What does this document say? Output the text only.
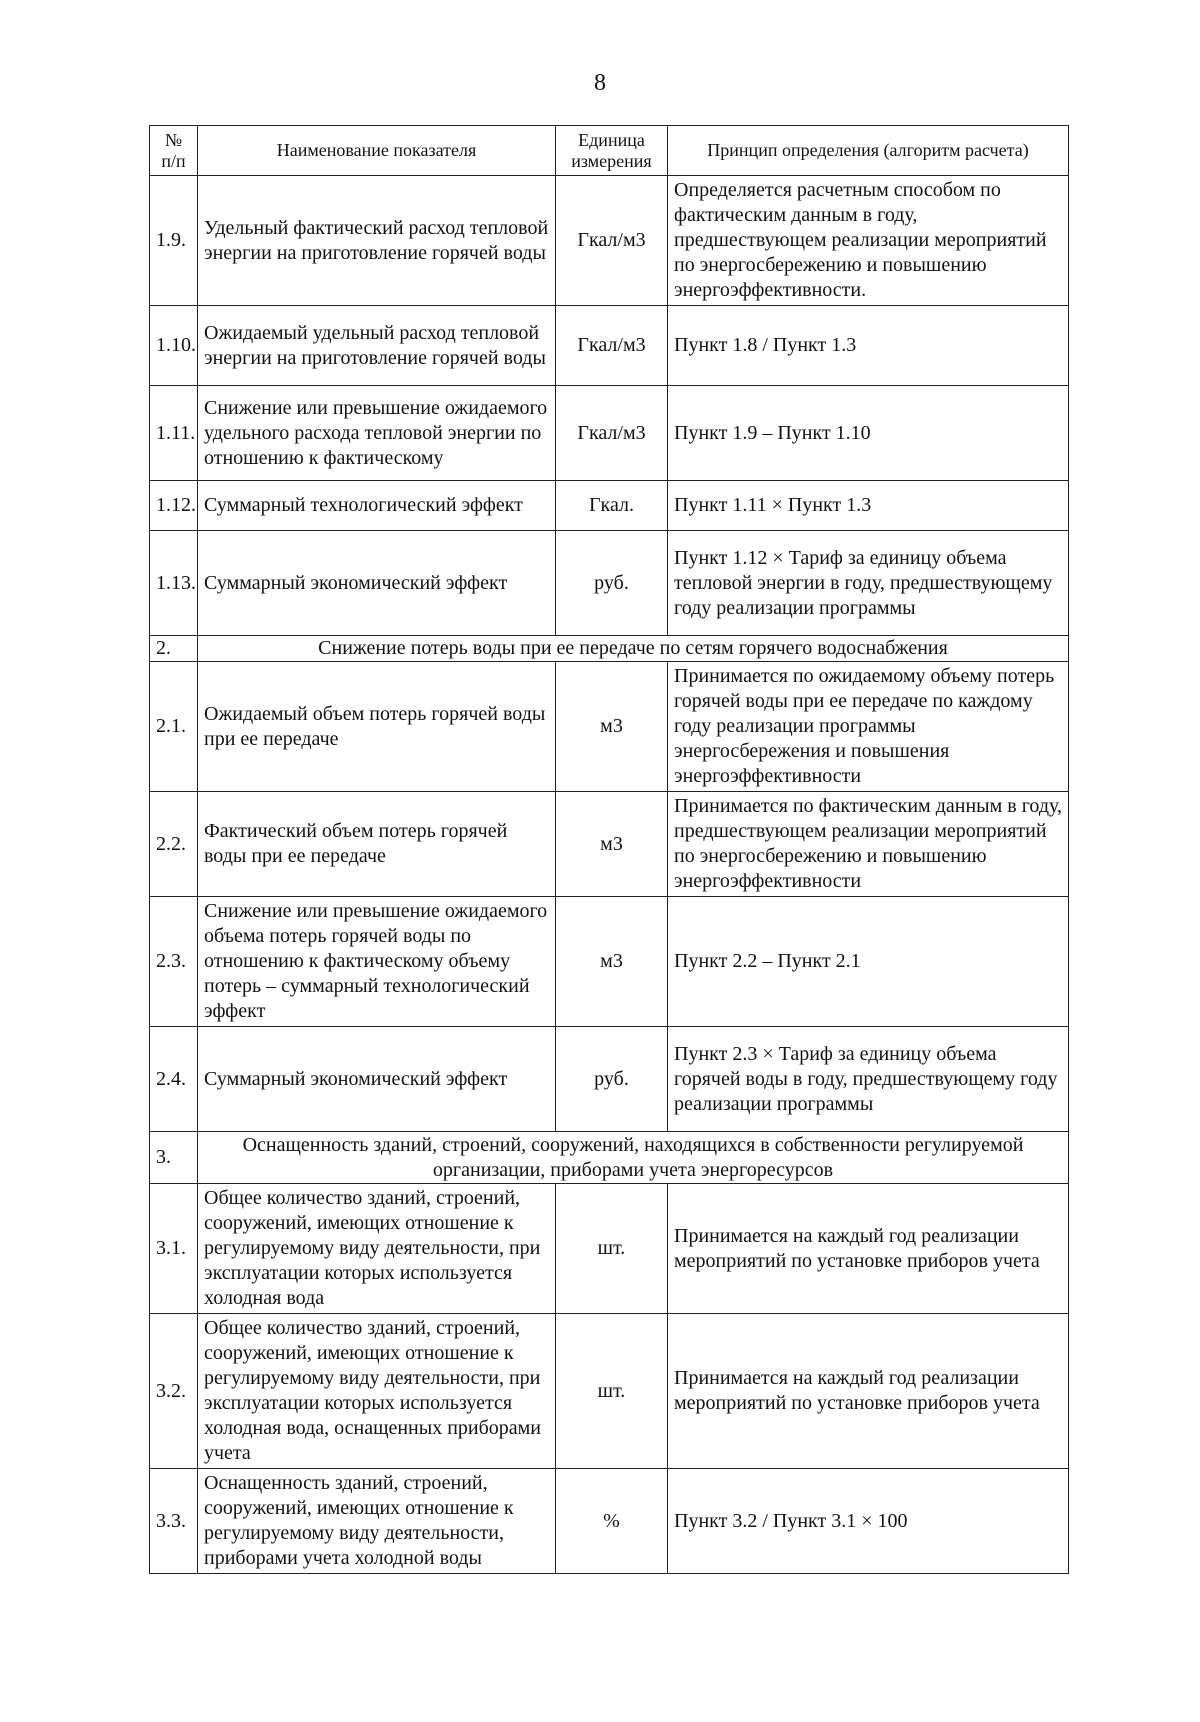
8
№ п/п	Наименование показателя	Единица измерения	Принцип определения (алгоритм расчета)
1.9.	Удельный фактический расход тепловой энергии на приготовление горячей воды	Гкал/м3	Определяется расчетным способом по фактическим данным в году, предшествующем реализации мероприятий по энергосбережению и повышению энергоэффективности.
1.10.	Ожидаемый удельный расход тепловой энергии на приготовление горячей воды	Гкал/м3	Пункт 1.8 / Пункт 1.3
1.11.	Снижение или превышение ожидаемого удельного расхода тепловой энергии по отношению к фактическому	Гкал/м3	Пункт 1.9 – Пункт 1.10
1.12.	Суммарный технологический эффект	Гкал.	Пункт 1.11 × Пункт 1.3
1.13.	Суммарный экономический эффект	руб.	Пункт 1.12 × Тариф за единицу объема тепловой энергии в году, предшествующему году реализации программы
2.	Снижение потерь воды при ее передаче по сетям горячего водоснабжения		
2.1.	Ожидаемый объем потерь горячей воды при ее передаче	м3	Принимается по ожидаемому объему потерь горячей воды при ее передаче по каждому году реализации программы энергосбережения и повышения энергоэффективности
2.2.	Фактический объем потерь горячей воды при ее передаче	м3	Принимается по фактическим данным в году, предшествующем реализации мероприятий по энергосбережению и повышению энергоэффективности
2.3.	Снижение или превышение ожидаемого объема потерь горячей воды по отношению к фактическому объему потерь – суммарный технологический эффект	м3	Пункт 2.2 – Пункт 2.1
2.4.	Суммарный экономический эффект	руб.	Пункт 2.3 × Тариф за единицу объема горячей воды в году, предшествующему году реализации программы
3.	Оснащенность зданий, строений, сооружений, находящихся в собственности регулируемой организации, приборами учета энергоресурсов		
3.1.	Общее количество зданий, строений, сооружений, имеющих отношение к регулируемому виду деятельности, при эксплуатации которых используется холодная вода	шт.	Принимается на каждый год реализации мероприятий по установке приборов учета
3.2.	Общее количество зданий, строений, сооружений, имеющих отношение к регулируемому виду деятельности, при эксплуатации которых используется холодная вода, оснащенных приборами учета	шт.	Принимается на каждый год реализации мероприятий по установке приборов учета
3.3.	Оснащенность зданий, строений, сооружений, имеющих отношение к регулируемому виду деятельности, приборами учета холодной воды	%	Пункт 3.2 / Пункт 3.1 × 100
